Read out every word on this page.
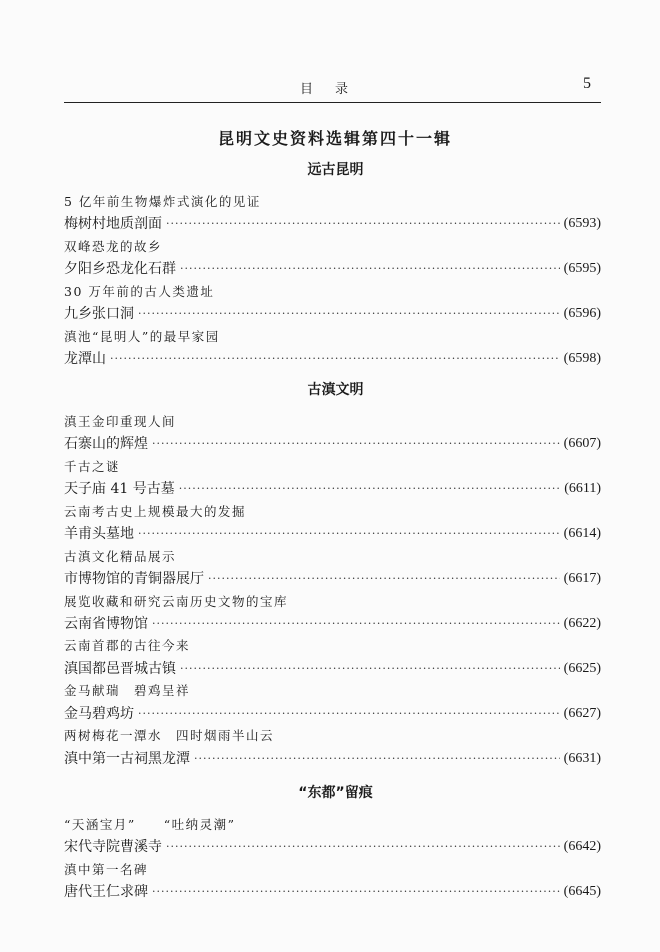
目录	5
昆明文史资料选辑第四十一辑
远古昆明
5 亿年前生物爆炸式演化的见证
梅树村地质剖面 ·····	(6593)
双峰恐龙的故乡
夕阳乡恐龙化石群 ·····	(6595)
30 万年前的古人类遗址
九乡张口洞 ·····	(6596)
滇池“昆明人”的最早家园
龙潭山 ·····	(6598)
古滇文明
滇王金印重现人间
石寨山的辉煌 ·····	(6607)
千古之谜
天子庙 41 号古墓 ·····	(6611)
云南考古史上规模最大的发掘
羊甫头墓地 ·····	(6614)
古滇文化精品展示
市博物馆的青铜器展厅 ·····	(6617)
展览收藏和研究云南历史文物的宝库
云南省博物馆 ·····	(6622)
云南首郡的古往今来
滇国都邑晋城古镇 ·····	(6625)
金马献瑞　碧鸡呈祥
金马碧鸡坊 ·····	(6627)
两树梅花一潭水　四时烟雨半山云
滇中第一古祠黑龙潭 ·····	(6631)
“东都”留痕
“天涵宝月”　　“吐纳灵潮”
宋代寺院曹溪寺 ·····	(6642)
滇中第一名碑
唐代王仁求碑 ·····	(6645)
